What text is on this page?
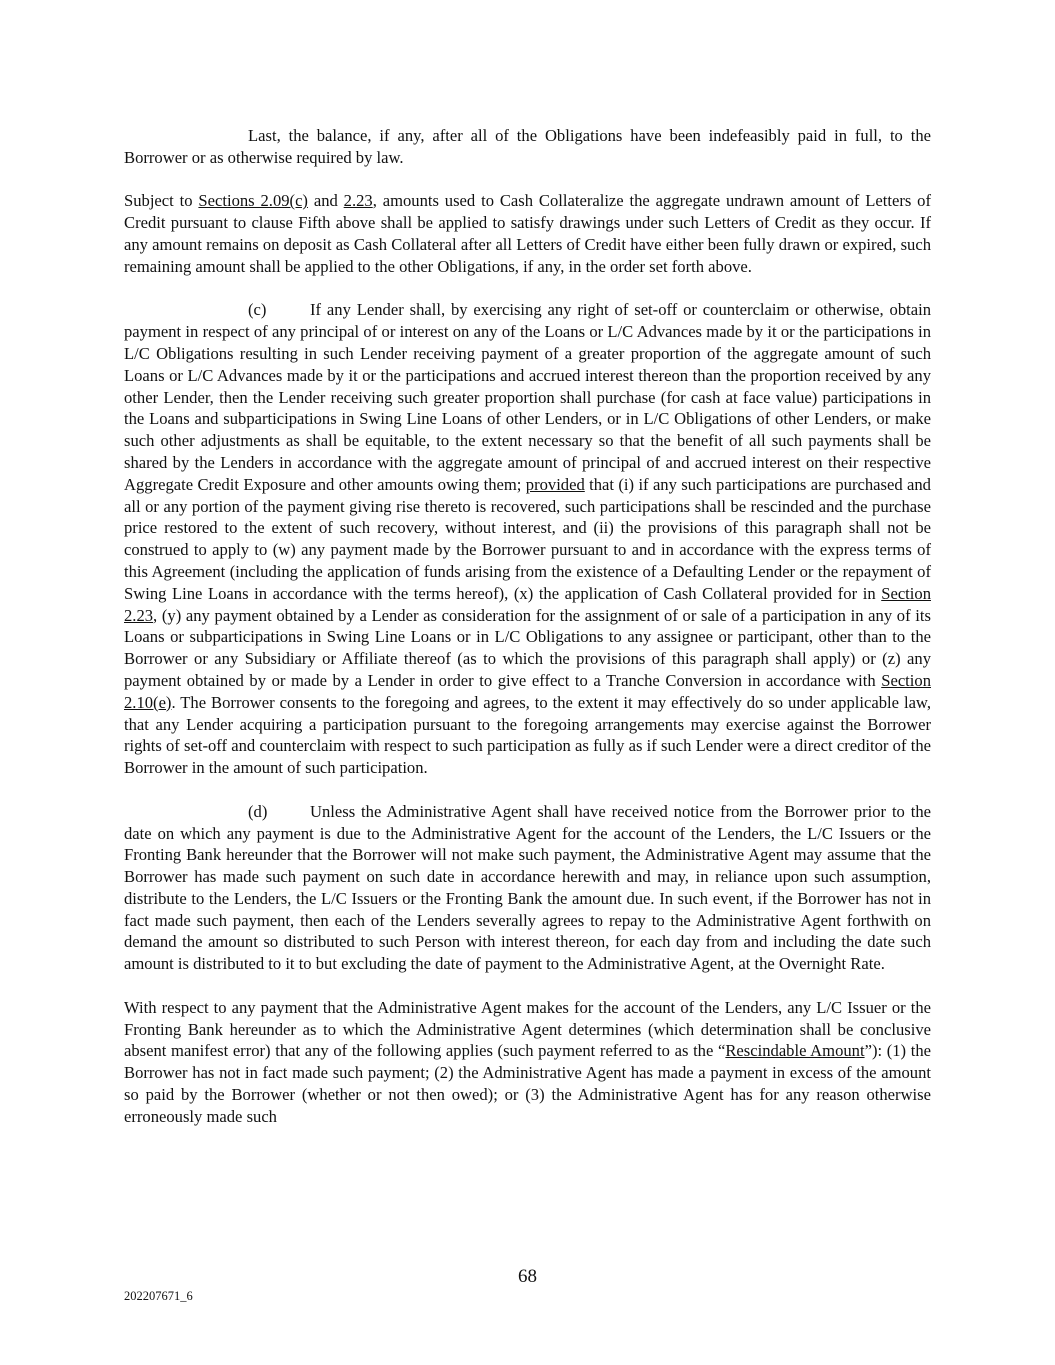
Last, the balance, if any, after all of the Obligations have been indefeasibly paid in full, to the Borrower or as otherwise required by law.

Subject to Sections 2.09(c) and 2.23, amounts used to Cash Collateralize the aggregate undrawn amount of Letters of Credit pursuant to clause Fifth above shall be applied to satisfy drawings under such Letters of Credit as they occur. If any amount remains on deposit as Cash Collateral after all Letters of Credit have either been fully drawn or expired, such remaining amount shall be applied to the other Obligations, if any, in the order set forth above.

(c)	If any Lender shall, by exercising any right of set-off or counterclaim or otherwise, obtain payment in respect of any principal of or interest on any of the Loans or L/C Advances made by it or the participations in L/C Obligations resulting in such Lender receiving payment of a greater proportion of the aggregate amount of such Loans or L/C Advances made by it or the participations and accrued interest thereon than the proportion received by any other Lender, then the Lender receiving such greater proportion shall purchase (for cash at face value) participations in the Loans and subparticipations in Swing Line Loans of other Lenders, or in L/C Obligations of other Lenders, or make such other adjustments as shall be equitable, to the extent necessary so that the benefit of all such payments shall be shared by the Lenders in accordance with the aggregate amount of principal of and accrued interest on their respective Aggregate Credit Exposure and other amounts owing them; provided that (i) if any such participations are purchased and all or any portion of the payment giving rise thereto is recovered, such participations shall be rescinded and the purchase price restored to the extent of such recovery, without interest, and (ii) the provisions of this paragraph shall not be construed to apply to (w) any payment made by the Borrower pursuant to and in accordance with the express terms of this Agreement (including the application of funds arising from the existence of a Defaulting Lender or the repayment of Swing Line Loans in accordance with the terms hereof), (x) the application of Cash Collateral provided for in Section 2.23, (y) any payment obtained by a Lender as consideration for the assignment of or sale of a participation in any of its Loans or subparticipations in Swing Line Loans or in L/C Obligations to any assignee or participant, other than to the Borrower or any Subsidiary or Affiliate thereof (as to which the provisions of this paragraph shall apply) or (z) any payment obtained by or made by a Lender in order to give effect to a Tranche Conversion in accordance with Section 2.10(e). The Borrower consents to the foregoing and agrees, to the extent it may effectively do so under applicable law, that any Lender acquiring a participation pursuant to the foregoing arrangements may exercise against the Borrower rights of set-off and counterclaim with respect to such participation as fully as if such Lender were a direct creditor of the Borrower in the amount of such participation.

(d)	Unless the Administrative Agent shall have received notice from the Borrower prior to the date on which any payment is due to the Administrative Agent for the account of the Lenders, the L/C Issuers or the Fronting Bank hereunder that the Borrower will not make such payment, the Administrative Agent may assume that the Borrower has made such payment on such date in accordance herewith and may, in reliance upon such assumption, distribute to the Lenders, the L/C Issuers or the Fronting Bank the amount due. In such event, if the Borrower has not in fact made such payment, then each of the Lenders severally agrees to repay to the Administrative Agent forthwith on demand the amount so distributed to such Person with interest thereon, for each day from and including the date such amount is distributed to it to but excluding the date of payment to the Administrative Agent, at the Overnight Rate.

With respect to any payment that the Administrative Agent makes for the account of the Lenders, any L/C Issuer or the Fronting Bank hereunder as to which the Administrative Agent determines (which determination shall be conclusive absent manifest error) that any of the following applies (such payment referred to as the “Rescindable Amount”): (1) the Borrower has not in fact made such payment; (2) the Administrative Agent has made a payment in excess of the amount so paid by the Borrower (whether or not then owed); or (3) the Administrative Agent has for any reason otherwise erroneously made such

68
202207671_6
